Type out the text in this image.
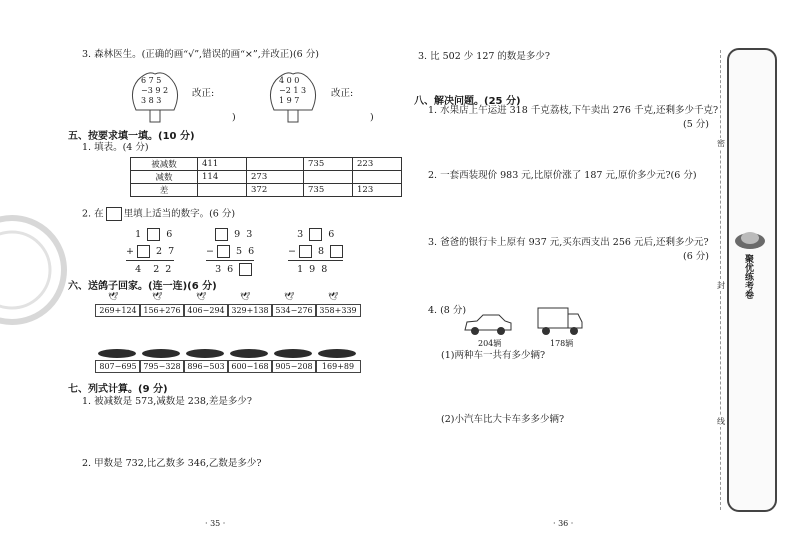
3. 森林医生。(正确的画“√”,错误的画“×”,并改正)(6 分)
6 7 5
−3 9 2
3 8 3
改正:
)
4 0 0
−2 1 3
1 9 7
改正:
)
五、按要求填一填。(10 分)
1. 填表。(4 分)
被减数	411		735	223
减数	114	273		
差		372	735	123
2. 在 里填上适当的数字。(6 分)
1	6
+ 2 7
4 2 2
9 3
− 5 6
3 6
3	6
− 8
1 9 8
六、送鸽子回家。(连一连)(6 分)
269+124 156+276 406−294 329+138 534−276 358+339
🕊	🕊	🕊	🕊	🕊	🕊
807−695 795−328 896−503 600−168 905−208	169+89
七、列式计算。(9 分)
1. 被减数是 573,减数是 238,差是多少?
2. 甲数是 732,比乙数多 346,乙数是多少?
· 35 ·
3. 比 502 少 127 的数是多少?
八、解决问题。(25 分)
1. 水果店上午运进 318 千克荔枝,下午卖出 276 千克,还剩多少千克?
(5 分)
2. 一套西装现价 983 元,比原价涨了 187 元,原价多少元?(6 分)
3. 爸爸的银行卡上原有 937 元,买东西支出 256 元后,还剩多少元?
(6 分)
4. (8 分)
204辆	178辆
(1)两种车一共有多少辆?
(2)小汽车比大卡车多多少辆?
· 36 ·
密
封
线
聚优练考卷
